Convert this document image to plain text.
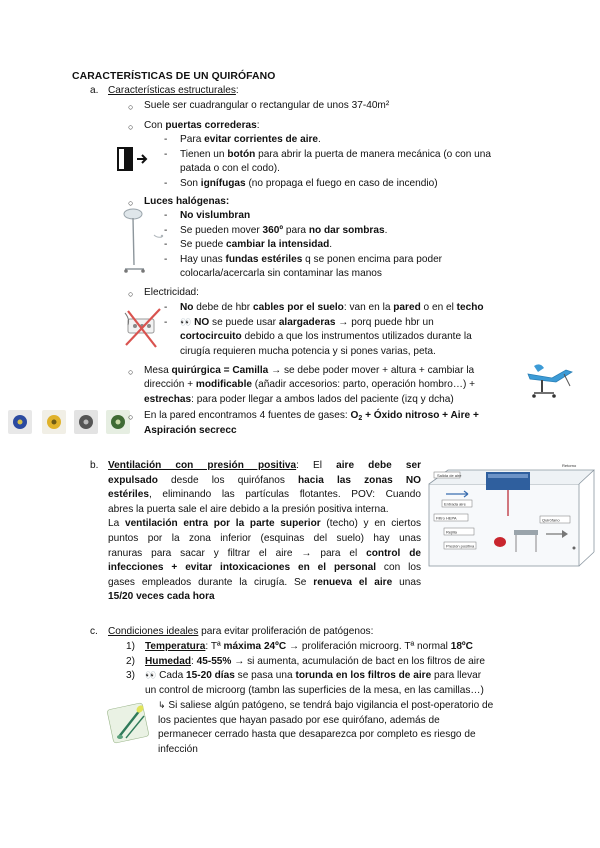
CARACTERÍSTICAS DE UN QUIRÓFANO
a. Características estructurales:
○ Suele ser cuadrangular o rectangular de unos 37-40m²
○ Con puertas correderas:
- Para evitar corrientes de aire.
- Tienen un botón para abrir la puerta de manera mecánica (o con una
patada o con el codo).
- Son ignífugas (no propaga el fuego en caso de incendio)
○ Luces halógenas:
- No vislumbran
- Se pueden mover 360º para no dar sombras.
- Se puede cambiar la intensidad.
- Hay unas fundas estériles q se ponen encima para poder
colocarla/acercarla sin contaminar las manos
○ Electricidad:
- No debe de hbr cables por el suelo: van en la pared o en el techo
- 👀 NO se puede usar alargaderas → porq puede hbr un
cortocircuito debido a que los instrumentos utilizados durante la
cirugía requieren mucha potencia y si pones varias, peta.
○ Mesa quirúrgica = Camilla → se debe poder mover + altura + cambiar la
dirección + modificable (añadir accesorios: parto, operación hombro…) +
estrechas: para poder llegar a ambos lados del paciente (izq y dcha)
○ En la pared encontramos 4 fuentes de gases: O2 + Óxido nitroso + Aire +
Aspiración secrecc
b. Ventilación con presión positiva: El aire debe ser
expulsado desde los quirófanos hacia las zonas NO
estériles, eliminando las partículas flotantes. POV: Cuando
abres la puerta sale el aire debido a la presión positiva interna.
La ventilación entra por la parte superior (techo) y en ciertos
puntos por la zona inferior (esquinas del suelo) hay unas
ranuras para sacar y filtrar el aire → para el control de
infecciones + evitar intoxicaciones en el personal con los
gases empleados durante la cirugía. Se renueva el aire unas
15/20 veces cada hora
Salida de aire
Entrada aire
Filtro HEPA
Rejilla
Presión positiva
Quirófano
Retorno
c. Condiciones ideales para evitar proliferación de patógenos:
1) Temperatura: Tª máxima 24ºC → proliferación microorg. Tª normal 18ºC
2) Humedad: 45-55% → si aumenta, acumulación de bact en los filtros de aire
3) 👀 Cada 15-20 días se pasa una torunda en los filtros de aire para llevar
un control de microorg (tambn las superficies de la mesa, en las camillas…)
↳ Si saliese algún patógeno, se tendrá bajo vigilancia el post-operatorio de
los pacientes que hayan pasado por ese quirófano, además de
permanecer cerrado hasta que desaparezca por completo es riesgo de
infección
